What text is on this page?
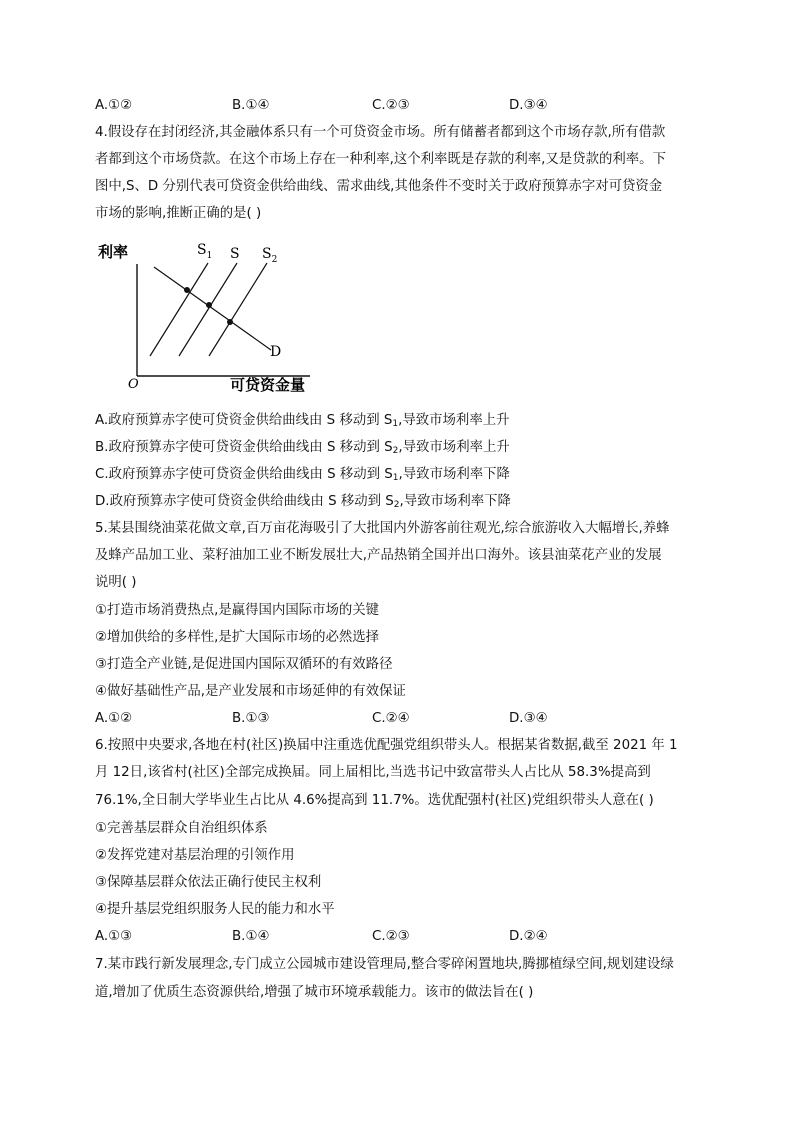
A.①②	B.①④	C.②③	D.③④
4.假设存在封闭经济,其金融体系只有一个可贷资金市场。所有储蓄者都到这个市场存款,所有借款
者都到这个市场贷款。在这个市场上存在一种利率,这个利率既是存款的利率,又是贷款的利率。下
图中,S、D 分别代表可贷资金供给曲线、需求曲线,其他条件不变时关于政府预算赤字对可贷资金
市场的影响,推断正确的是( )
利率
O	可贷资金量
$S_1$ S $S_2$
D
A.政府预算赤字使可贷资金供给曲线由 S 移动到 $S_1$,导致市场利率上升
B.政府预算赤字使可贷资金供给曲线由 S 移动到 $S_2$,导致市场利率上升
C.政府预算赤字使可贷资金供给曲线由 S 移动到 $S_1$,导致市场利率下降
D.政府预算赤字使可贷资金供给曲线由 S 移动到 $S_2$,导致市场利率下降
5.某县围绕油菜花做文章,百万亩花海吸引了大批国内外游客前往观光,综合旅游收入大幅增长,养蜂
及蜂产品加工业、菜籽油加工业不断发展壮大,产品热销全国并出口海外。该县油菜花产业的发展
说明( )
①打造市场消费热点,是赢得国内国际市场的关键
②增加供给的多样性,是扩大国际市场的必然选择
③打造全产业链,是促进国内国际双循环的有效路径
④做好基础性产品,是产业发展和市场延伸的有效保证
A.①②	B.①③	C.②④	D.③④
6.按照中央要求,各地在村(社区)换届中注重选优配强党组织带头人。根据某省数据,截至 2021 年 1
月 12日,该省村(社区)全部完成换届。同上届相比,当选书记中致富带头人占比从 58.3%提高到
76.1%,全日制大学毕业生占比从 4.6%提高到 11.7%。选优配强村(社区)党组织带头人意在( )
①完善基层群众自治组织体系
②发挥党建对基层治理的引领作用
③保障基层群众依法正确行使民主权利
④提升基层党组织服务人民的能力和水平
A.①③	B.①④	C.②③	D.②④
7.某市践行新发展理念,专门成立公园城市建设管理局,整合零碎闲置地块,腾挪植绿空间,规划建设绿
道,增加了优质生态资源供给,增强了城市环境承载能力。该市的做法旨在( )
